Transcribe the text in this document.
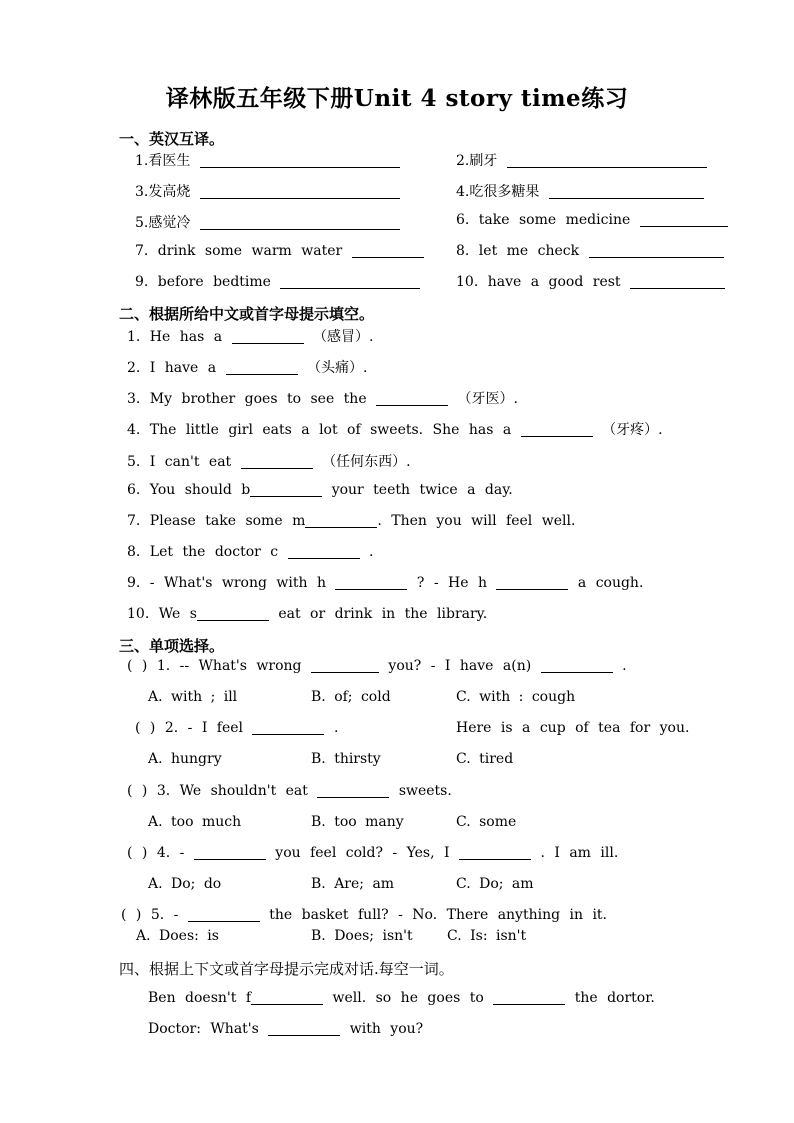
译林版五年级下册Unit 4 story time练习
一、英汉互译。
1.看医生	2.刷牙
3.发高烧	4.吃很多糖果
5.感觉冷	6. take some medicine
7. drink some warm water	8. let me check
9. before bedtime	10. have a good rest
二、根据所给中文或首字母提示填空。
1. He has a	（感冒）.
2. I have a	（头痛）.
3. My brother goes to see the	（牙医）.
4. The little girl eats a lot of sweets. She has a	（牙疼）.
5. I can't eat	（任何东西）.
6. You should b	your teeth twice a day.
7. Please take some m	. Then you will feel well.
8. Let the doctor c	.
9. - What's wrong with h	? - He h	a cough.
10. We s	eat or drink in the library.
三、单项选择。
( ) 1. -- What's wrong	you? - I have a(n)	.
A. with ; ill	B. of; cold	C. with : cough
( ) 2. - I feel	.	Here is a cup of tea for you.
A. hungry	B. thirsty	C. tired
( ) 3. We shouldn't eat	sweets.
A. too much	B. too many	C. some
( ) 4. -	you feel cold? - Yes, I	. I am ill.
A. Do; do	B. Are; am	C. Do; am
( ) 5. -	the basket full? - No. There anything in it.
A. Does: is	B. Does; isn't C. Is: isn't
四、根据上下文或首字母提示完成对话.每空一词。
Ben doesn't f	well. so he goes to	the dortor.
Doctor: What's	with you?
